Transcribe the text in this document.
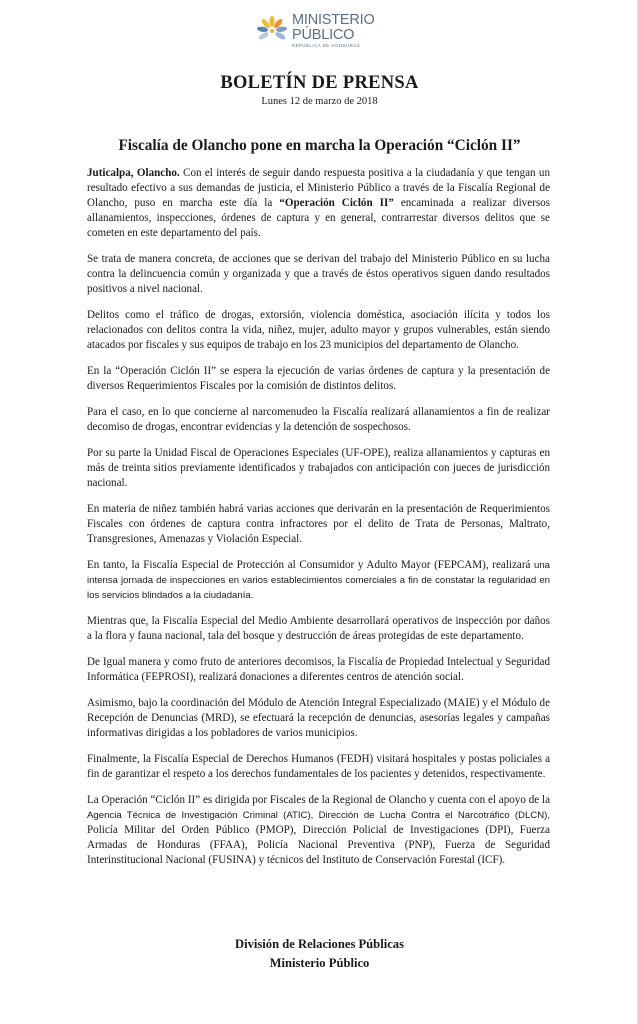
MINISTERIO
PÚBLICO
REPÚBLICA DE HONDURAS
BOLETÍN DE PRENSA
Lunes 12 de marzo de 2018
Fiscalía de Olancho pone en marcha la Operación “Ciclón II”

Juticalpa, Olancho. Con el interés de seguir dando respuesta positiva a la ciudadanía y que tengan un resultado efectivo a sus demandas de justicia, el Ministerio Público a través de la Fiscalía Regional de Olancho, puso en marcha este día la “Operación Ciclón II” encaminada a realizar diversos allanamientos, inspecciones, órdenes de captura y en general, contrarrestar diversos delitos que se cometen en este departamento del país.

Se trata de manera concreta, de acciones que se derivan del trabajo del Ministerio Público en su lucha contra la delincuencia común y organizada y que a través de éstos operativos siguen dando resultados positivos a nivel nacional.

Delitos como el tráfico de drogas, extorsión, violencia doméstica, asociación ilícita y todos los relacionados con delitos contra la vida, niñez, mujer, adulto mayor y grupos vulnerables, están siendo atacados por fiscales y sus equipos de trabajo en los 23 municipios del departamento de Olancho.

En la “Operación Ciclón II” se espera la ejecución de varias órdenes de captura y la presentación de diversos Requerimientos Fiscales por la comisión de distintos delitos.

Para el caso, en lo que concierne al narcomenudeo la Fiscalía realizará allanamientos a fin de realizar decomiso de drogas, encontrar evidencias y la detención de sospechosos.

Por su parte la Unidad Fiscal de Operaciones Especiales (UF-OPE), realiza allanamientos y capturas en más de treinta sitios previamente identificados y trabajados con anticipación con jueces de jurisdicción nacional.

En materia de niñez también habrá varias acciones que derivarán en la presentación de Requerimientos Fiscales con órdenes de captura contra infractores por el delito de Trata de Personas, Maltrato, Transgresiones, Amenazas y Violación Especial.

En tanto, la Fiscalía Especial de Protección al Consumidor y Adulto Mayor (FEPCAM), realizará una intensa jornada de inspecciones en varios establecimientos comerciales a fin de constatar la regularidad en los servicios blindados a la ciudadanía.

Mientras que, la Fiscalía Especial del Medio Ambiente desarrollará operativos de inspección por daños a la flora y fauna nacional, tala del bosque y destrucción de áreas protegidas de este departamento.

De Igual manera y como fruto de anteriores decomisos, la Fiscalía de Propiedad Intelectual y Seguridad Informática (FEPROSI), realizará donaciones a diferentes centros de atención social.

Asimismo, bajo la coordinación del Módulo de Atención Integral Especializado (MAIE) y el Módulo de Recepción de Denuncias (MRD), se efectuará la recepción de denuncias, asesorías legales y campañas informativas dirigidas a los pobladores de varios municipios.

Finalmente, la Fiscalía Especial de Derechos Humanos (FEDH) visitará hospitales y postas policiales a fin de garantizar el respeto a los derechos fundamentales de los pacientes y detenidos, respectivamente.

La Operación “Ciclón II” es dirigida por Fiscales de la Regional de Olancho y cuenta con el apoyo de la Agencia Técnica de Investigación Criminal (ATIC), Dirección de Lucha Contra el Narcotráfico (DLCN), Policía Militar del Orden Público (PMOP), Dirección Policial de Investigaciones (DPI), Fuerza Armadas de Honduras (FFAA), Policía Nacional Preventiva (PNP), Fuerza de Seguridad Interinstitucional Nacional (FUSINA) y técnicos del Instituto de Conservación Forestal (ICF).

División de Relaciones Públicas
Ministerio Público
